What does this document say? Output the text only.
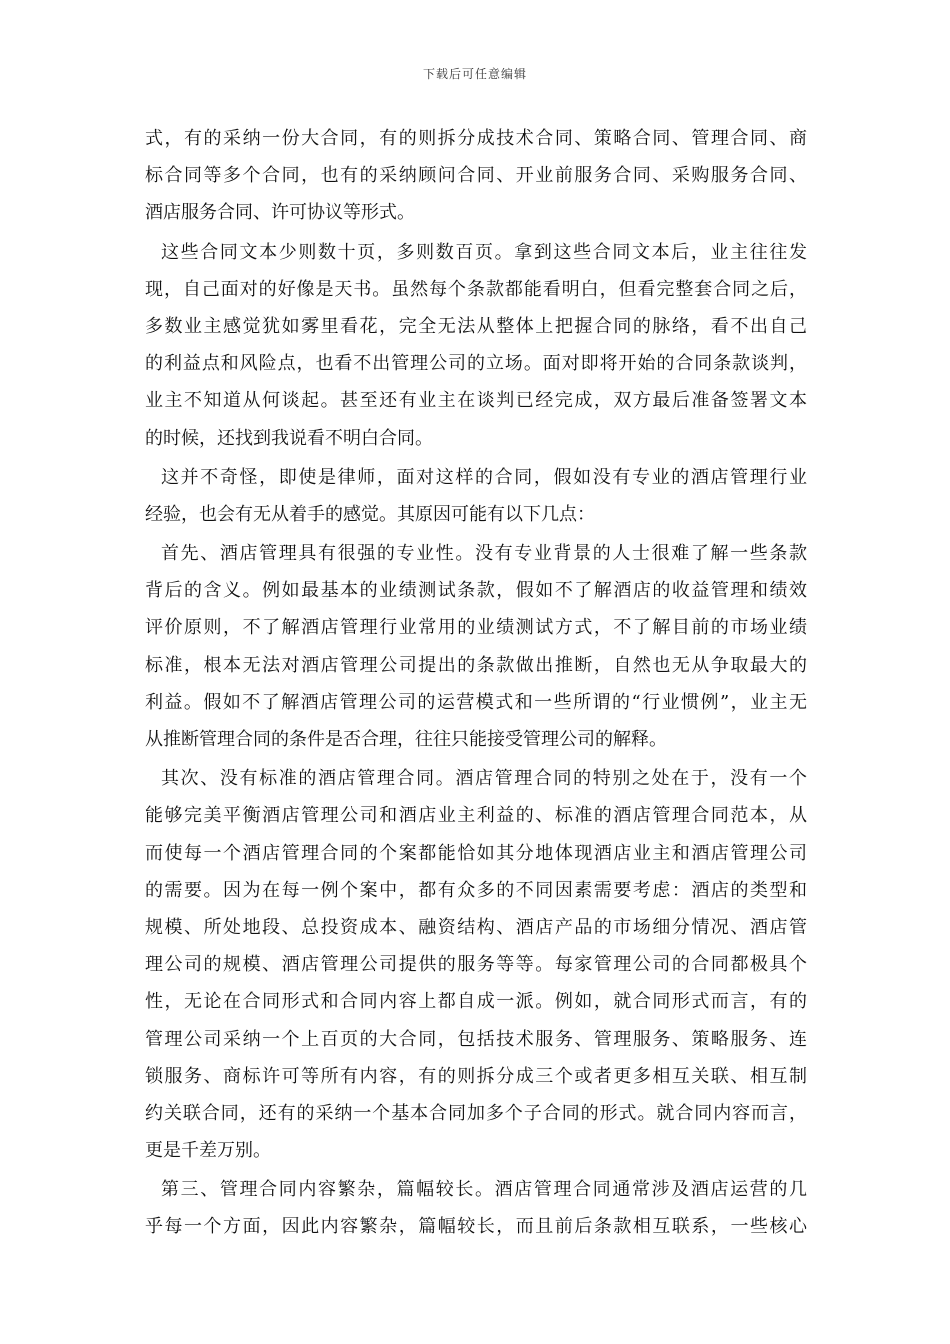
下载后可任意编辑
式，有的采纳一份大合同，有的则拆分成技术合同、策略合同、管理合同、商
标合同等多个合同，也有的采纳顾问合同、开业前服务合同、采购服务合同、
酒店服务合同、许可协议等形式。
这些合同文本少则数十页，多则数百页。拿到这些合同文本后，业主往往发
现，自己面对的好像是天书。虽然每个条款都能看明白，但看完整套合同之后，
多数业主感觉犹如雾里看花，完全无法从整体上把握合同的脉络，看不出自己
的利益点和风险点，也看不出管理公司的立场。面对即将开始的合同条款谈判，
业主不知道从何谈起。甚至还有业主在谈判已经完成，双方最后准备签署文本
的时候，还找到我说看不明白合同。
这并不奇怪，即使是律师，面对这样的合同，假如没有专业的酒店管理行业
经验，也会有无从着手的感觉。其原因可能有以下几点：
首先、酒店管理具有很强的专业性。没有专业背景的人士很难了解一些条款
背后的含义。例如最基本的业绩测试条款，假如不了解酒店的收益管理和绩效
评价原则，不了解酒店管理行业常用的业绩测试方式，不了解目前的市场业绩
标准，根本无法对酒店管理公司提出的条款做出推断，自然也无从争取最大的
利益。假如不了解酒店管理公司的运营模式和一些所谓的“行业惯例”，业主无
从推断管理合同的条件是否合理，往往只能接受管理公司的解释。
其次、没有标准的酒店管理合同。酒店管理合同的特别之处在于，没有一个
能够完美平衡酒店管理公司和酒店业主利益的、标准的酒店管理合同范本，从
而使每一个酒店管理合同的个案都能恰如其分地体现酒店业主和酒店管理公司
的需要。因为在每一例个案中，都有众多的不同因素需要考虑：酒店的类型和
规模、所处地段、总投资成本、融资结构、酒店产品的市场细分情况、酒店管
理公司的规模、酒店管理公司提供的服务等等。每家管理公司的合同都极具个
性，无论在合同形式和合同内容上都自成一派。例如，就合同形式而言，有的
管理公司采纳一个上百页的大合同，包括技术服务、管理服务、策略服务、连
锁服务、商标许可等所有内容，有的则拆分成三个或者更多相互关联、相互制
约关联合同，还有的采纳一个基本合同加多个子合同的形式。就合同内容而言，
更是千差万别。
第三、管理合同内容繁杂，篇幅较长。酒店管理合同通常涉及酒店运营的几
乎每一个方面，因此内容繁杂，篇幅较长，而且前后条款相互联系，一些核心
